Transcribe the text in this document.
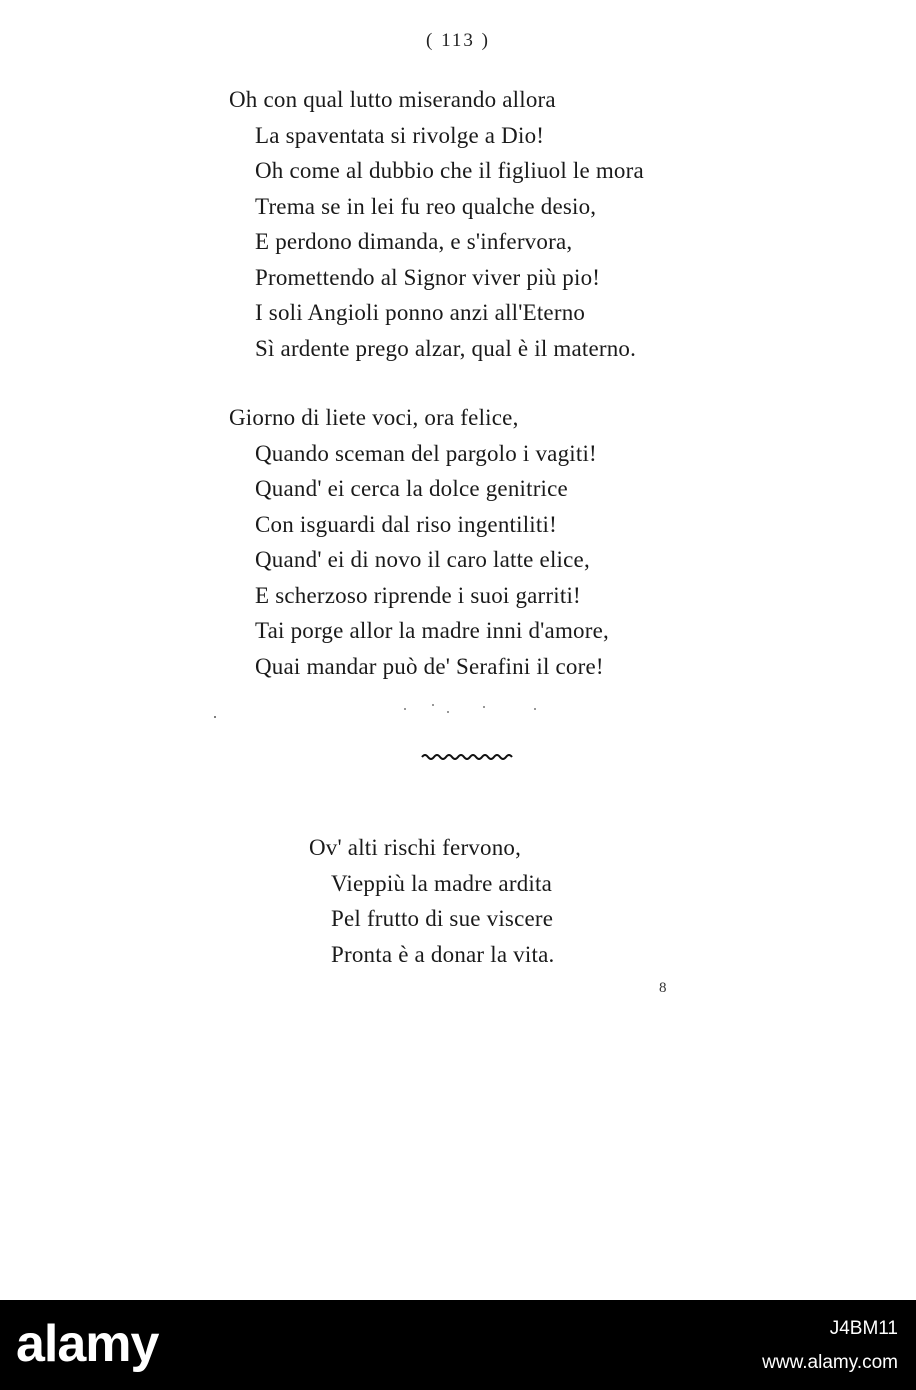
( 113 )
Oh con qual lutto miserando allora
La spaventata si rivolge a Dio!
Oh come al dubbio che il figliuol le mora
Trema se in lei fu reo qualche desio,
E perdono dimanda, e s'infervora,
Promettendo al Signor viver più pio!
I soli Angioli ponno anzi all'Eterno
Sì ardente prego alzar, qual è il materno.
Giorno di liete voci, ora felice,
Quando sceman del pargolo i vagiti!
Quand' ei cerca la dolce genitrice
Con isguardi dal riso ingentiliti!
Quand' ei di novo il caro latte elice,
E scherzoso riprende i suoi garriti!
Tai porge allor la madre inni d'amore,
Quai mandar può de' Serafini il core!
Ov' alti rischi fervono,
Vieppiù la madre ardita
Pel frutto di sue viscere
Pronta è a donar la vita.
8
alamy	J4BM11
www.alamy.com
